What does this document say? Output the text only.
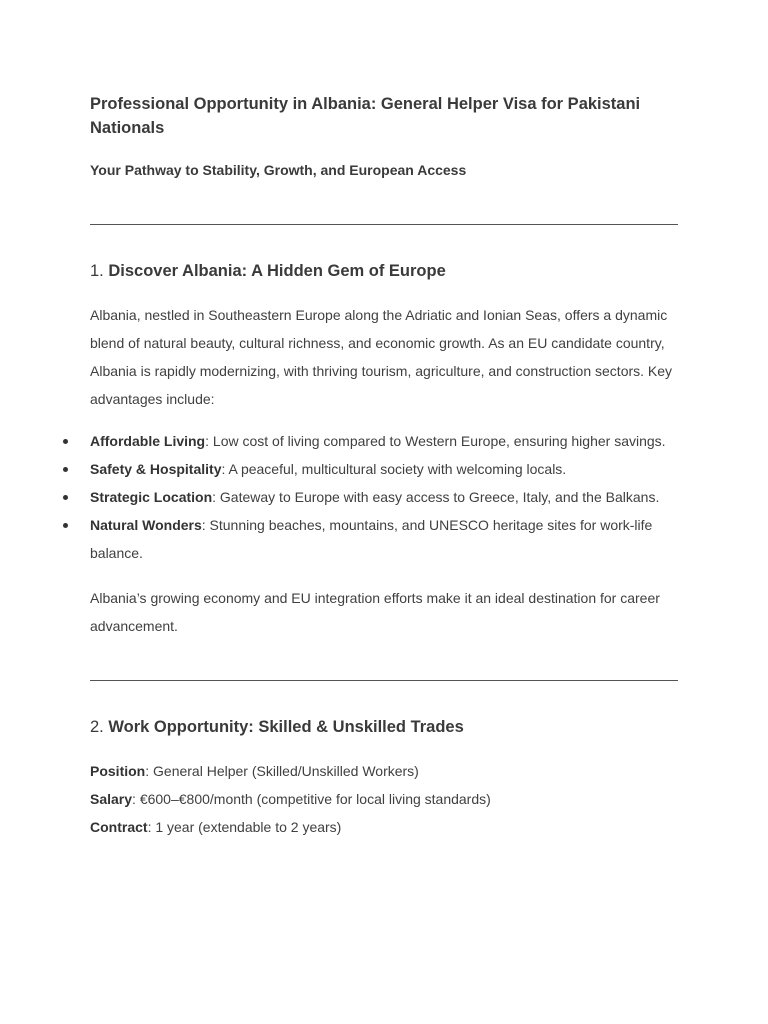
Professional Opportunity in Albania: General Helper Visa for Pakistani Nationals
Your Pathway to Stability, Growth, and European Access
1. Discover Albania: A Hidden Gem of Europe

Albania, nestled in Southeastern Europe along the Adriatic and Ionian Seas, offers a dynamic blend of natural beauty, cultural richness, and economic growth. As an EU candidate country, Albania is rapidly modernizing, with thriving tourism, agriculture, and construction sectors. Key advantages include:

Affordable Living: Low cost of living compared to Western Europe, ensuring higher savings.
Safety & Hospitality: A peaceful, multicultural society with welcoming locals.
Strategic Location: Gateway to Europe with easy access to Greece, Italy, and the Balkans.
Natural Wonders: Stunning beaches, mountains, and UNESCO heritage sites for work-life balance.

Albania’s growing economy and EU integration efforts make it an ideal destination for career advancement.

2. Work Opportunity: Skilled & Unskilled Trades

Position: General Helper (Skilled/Unskilled Workers)

Salary: €600–€800/month (competitive for local living standards)

Contract: 1 year (extendable to 2 years)
